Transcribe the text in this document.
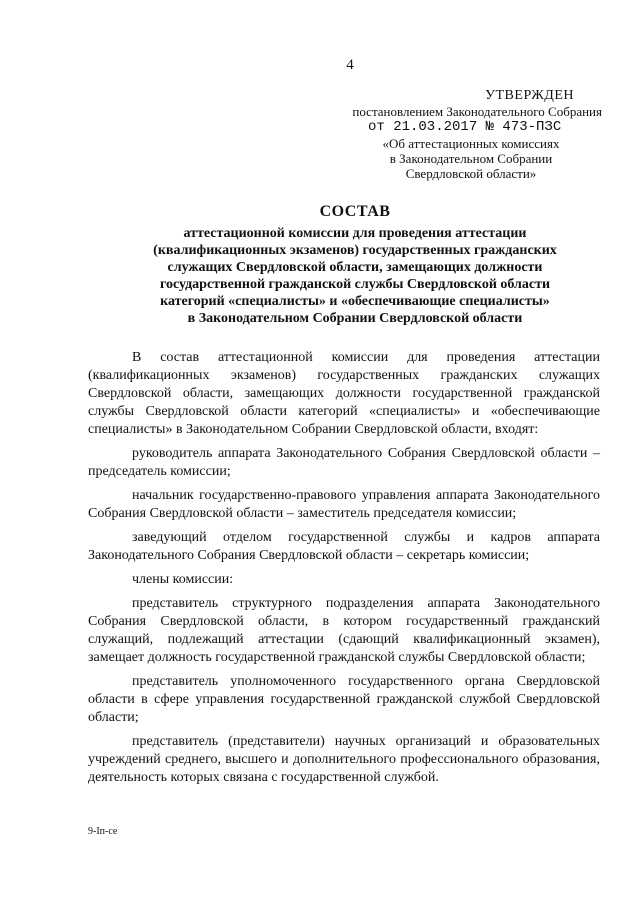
4
УТВЕРЖДЕН
постановлением Законодательного Собрания
от 21.03.2017 № 473-ПЗС
«Об аттестационных комиссиях
в Законодательном Собрании
Свердловской области»
СОСТАВ
аттестационной комиссии для проведения аттестации
(квалификационных экзаменов) государственных гражданских
служащих Свердловской области, замещающих должности
государственной гражданской службы Свердловской области
категорий «специалисты» и «обеспечивающие специалисты»
в Законодательном Собрании Свердловской области

В состав аттестационной комиссии для проведения аттестации (квалификационных экзаменов) государственных гражданских служащих Свердловской области, замещающих должности государственной гражданской службы Свердловской области категорий «специалисты» и «обеспечивающие специалисты» в Законодательном Собрании Свердловской области, входят:

руководитель аппарата Законодательного Собрания Свердловской области – председатель комиссии;

начальник государственно-правового управления аппарата Законодательного Собрания Свердловской области – заместитель председателя комиссии;

заведующий отделом государственной службы и кадров аппарата Законодательного Собрания Свердловской области – секретарь комиссии;

члены комиссии:

представитель структурного подразделения аппарата Законодательного Собрания Свердловской области, в котором государственный гражданский служащий, подлежащий аттестации (сдающий квалификационный экзамен), замещает должность государственной гражданской службы Свердловской области;

представитель уполномоченного государственного органа Свердловской области в сфере управления государственной гражданской службой Свердловской области;

представитель (представители) научных организаций и образовательных учреждений среднего, высшего и дополнительного профессионального образования, деятельность которых связана с государственной службой.

9-Iп-се
